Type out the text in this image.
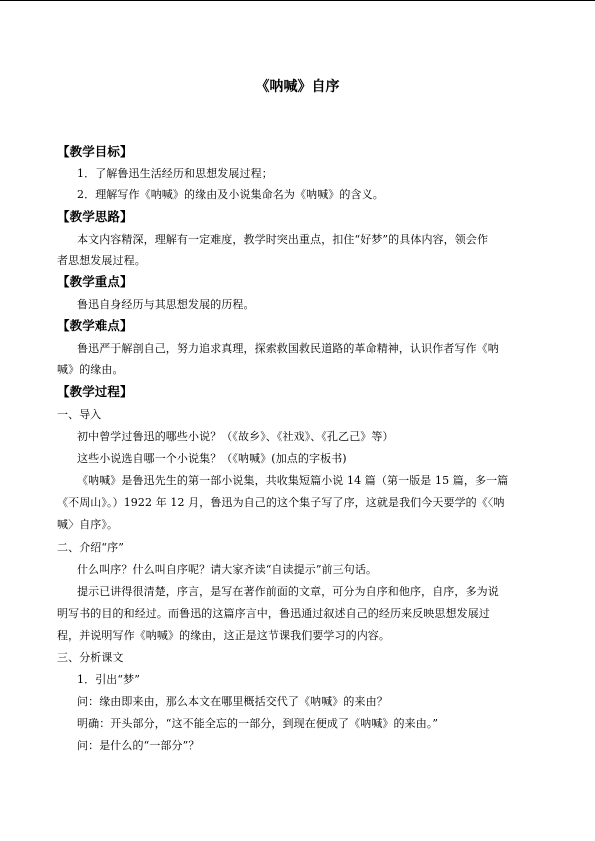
《呐喊》自序
【教学目标】
1．了解鲁迅生活经历和思想发展过程；
2．理解写作《呐喊》的缘由及小说集命名为《呐喊》的含义。
【教学思路】
本文内容精深，理解有一定难度，教学时突出重点，扣住“好梦”的具体内容，领会作
者思想发展过程。
【教学重点】
鲁迅自身经历与其思想发展的历程。
【教学难点】
鲁迅严于解剖自己，努力追求真理，探索救国救民道路的革命精神，认识作者写作《呐
喊》的缘由。
【教学过程】
一、导入
初中曾学过鲁迅的哪些小说？（《故乡》、《社戏》、《孔乙己》等）
这些小说选自哪一个小说集？（《呐喊》(加点的字板书)
《呐喊》是鲁迅先生的第一部小说集，共收集短篇小说 14 篇（第一版是 15 篇，多一篇
《不周山》。）1922 年 12 月，鲁迅为自己的这个集子写了序，这就是我们今天要学的《〈呐
喊〉自序》。
二、介绍“序”
什么叫序？什么叫自序呢？请大家齐读“自读提示”前三句话。
提示已讲得很清楚，序言，是写在著作前面的文章，可分为自序和他序，自序，多为说
明写书的目的和经过。而鲁迅的这篇序言中，鲁迅通过叙述自己的经历来反映思想发展过
程，并说明写作《呐喊》的缘由，这正是这节课我们要学习的内容。
三、分析课文
1．引出“梦”
问：缘由即来由，那么本文在哪里概括交代了《呐喊》的来由？
明确：开头部分，“这不能全忘的一部分，到现在便成了《呐喊》的来由。”
问：是什么的“一部分”？
